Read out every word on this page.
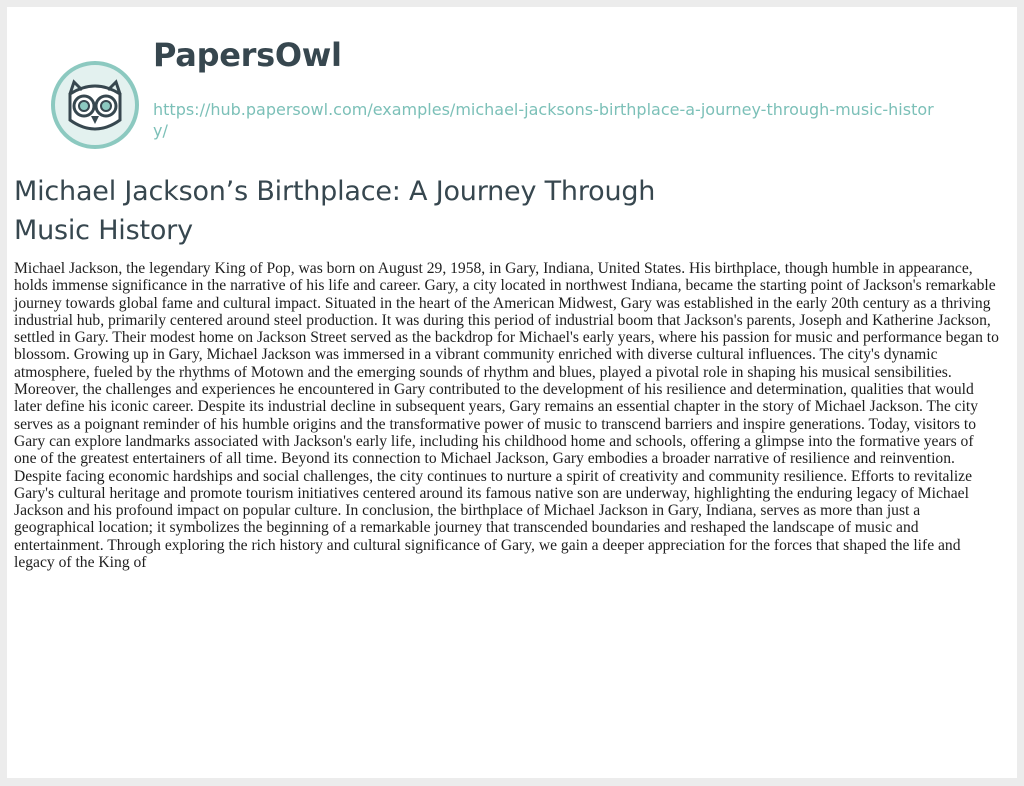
PapersOwl
https://hub.papersowl.com/examples/michael-jacksons-birthplace-a-journey-through-music-history/
Michael Jackson’s Birthplace: A Journey Through Music History

Michael Jackson, the legendary King of Pop, was born on August 29, 1958, in Gary, Indiana, United States. His birthplace, though humble in appearance, holds immense significance in the narrative of his life and career. Gary, a city located in northwest Indiana, became the starting point of Jackson's remarkable journey towards global fame and cultural impact. Situated in the heart of the American Midwest, Gary was established in the early 20th century as a thriving industrial hub, primarily centered around steel production. It was during this period of industrial boom that Jackson's parents, Joseph and Katherine Jackson, settled in Gary. Their modest home on Jackson Street served as the backdrop for Michael's early years, where his passion for music and performance began to blossom. Growing up in Gary, Michael Jackson was immersed in a vibrant community enriched with diverse cultural influences. The city's dynamic atmosphere, fueled by the rhythms of Motown and the emerging sounds of rhythm and blues, played a pivotal role in shaping his musical sensibilities. Moreover, the challenges and experiences he encountered in Gary contributed to the development of his resilience and determination, qualities that would later define his iconic career. Despite its industrial decline in subsequent years, Gary remains an essential chapter in the story of Michael Jackson. The city serves as a poignant reminder of his humble origins and the transformative power of music to transcend barriers and inspire generations. Today, visitors to Gary can explore landmarks associated with Jackson's early life, including his childhood home and schools, offering a glimpse into the formative years of one of the greatest entertainers of all time. Beyond its connection to Michael Jackson, Gary embodies a broader narrative of resilience and reinvention. Despite facing economic hardships and social challenges, the city continues to nurture a spirit of creativity and community resilience. Efforts to revitalize Gary's cultural heritage and promote tourism initiatives centered around its famous native son are underway, highlighting the enduring legacy of Michael Jackson and his profound impact on popular culture. In conclusion, the birthplace of Michael Jackson in Gary, Indiana, serves as more than just a geographical location; it symbolizes the beginning of a remarkable journey that transcended boundaries and reshaped the landscape of music and entertainment. Through exploring the rich history and cultural significance of Gary, we gain a deeper appreciation for the forces that shaped the life and legacy of the King of
